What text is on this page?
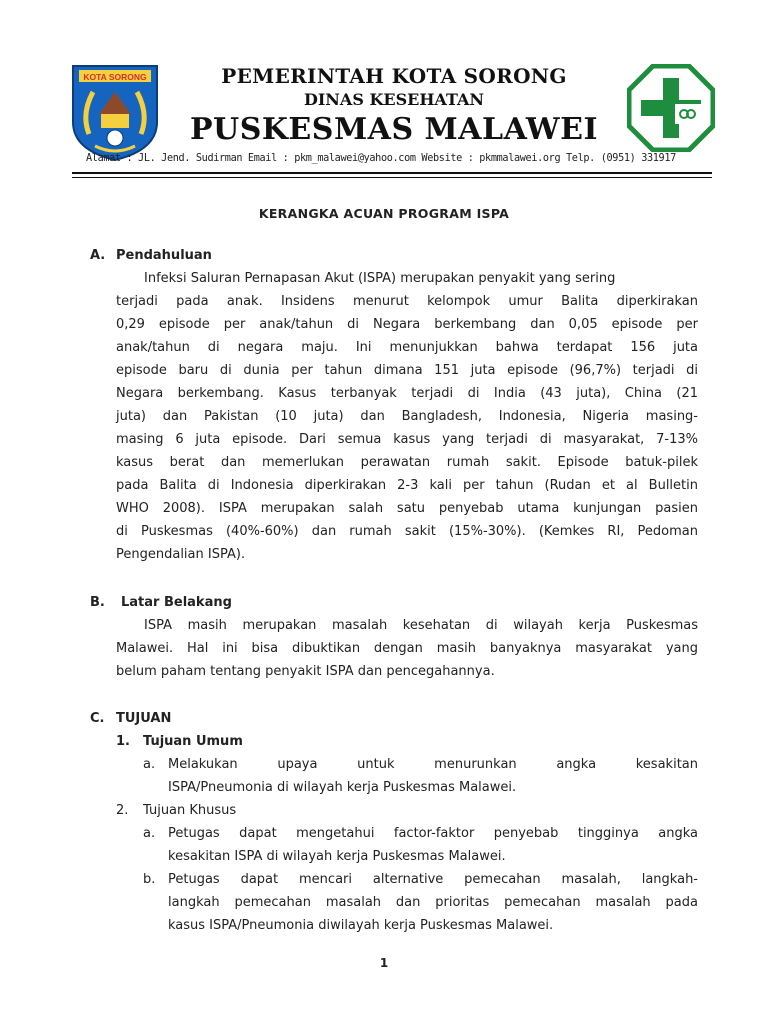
KOTA SORONG	PEMERINTAH KOTA SORONG
DINAS KESEHATAN
PUSKESMAS MALAWEI
Alamat : JL. Jend. Sudirman Email : pkm_malawei@yahoo.com Website : pkmmalawei.org Telp. (0951) 331917
KERANGKA ACUAN PROGRAM ISPA
A. Pendahuluan
Infeksi Saluran Pernapasan Akut (ISPA) merupakan penyakit yang sering
terjadi pada anak. Insidens menurut kelompok umur Balita diperkirakan
0,29 episode per anak/tahun di Negara berkembang dan 0,05 episode per
anak/tahun di negara maju. Ini menunjukkan bahwa terdapat 156 juta
episode baru di dunia per tahun dimana 151 juta episode (96,7%) terjadi di
Negara berkembang. Kasus terbanyak terjadi di India (43 juta), China (21
juta) dan Pakistan (10 juta) dan Bangladesh, Indonesia, Nigeria masing-
masing 6 juta episode. Dari semua kasus yang terjadi di masyarakat, 7-13%
kasus berat dan memerlukan perawatan rumah sakit. Episode batuk-pilek
pada Balita di Indonesia diperkirakan 2-3 kali per tahun (Rudan et al Bulletin
WHO 2008). ISPA merupakan salah satu penyebab utama kunjungan pasien
di Puskesmas (40%-60%) dan rumah sakit (15%-30%). (Kemkes RI, Pedoman
Pengendalian ISPA).
B. Latar Belakang
ISPA masih merupakan masalah kesehatan di wilayah kerja Puskesmas
Malawei. Hal ini bisa dibuktikan dengan masih banyaknya masyarakat yang
belum paham tentang penyakit ISPA dan pencegahannya.
C. TUJUAN
1. Tujuan Umum
a. Melakukan upaya untuk menurunkan angka kesakitan
ISPA/Pneumonia di wilayah kerja Puskesmas Malawei.
2. Tujuan Khusus
a. Petugas dapat mengetahui factor-faktor penyebab tingginya angka
kesakitan ISPA di wilayah kerja Puskesmas Malawei.
b. Petugas dapat mencari alternative pemecahan masalah, langkah-
langkah pemecahan masalah dan prioritas pemecahan masalah pada
kasus ISPA/Pneumonia diwilayah kerja Puskesmas Malawei.
1
